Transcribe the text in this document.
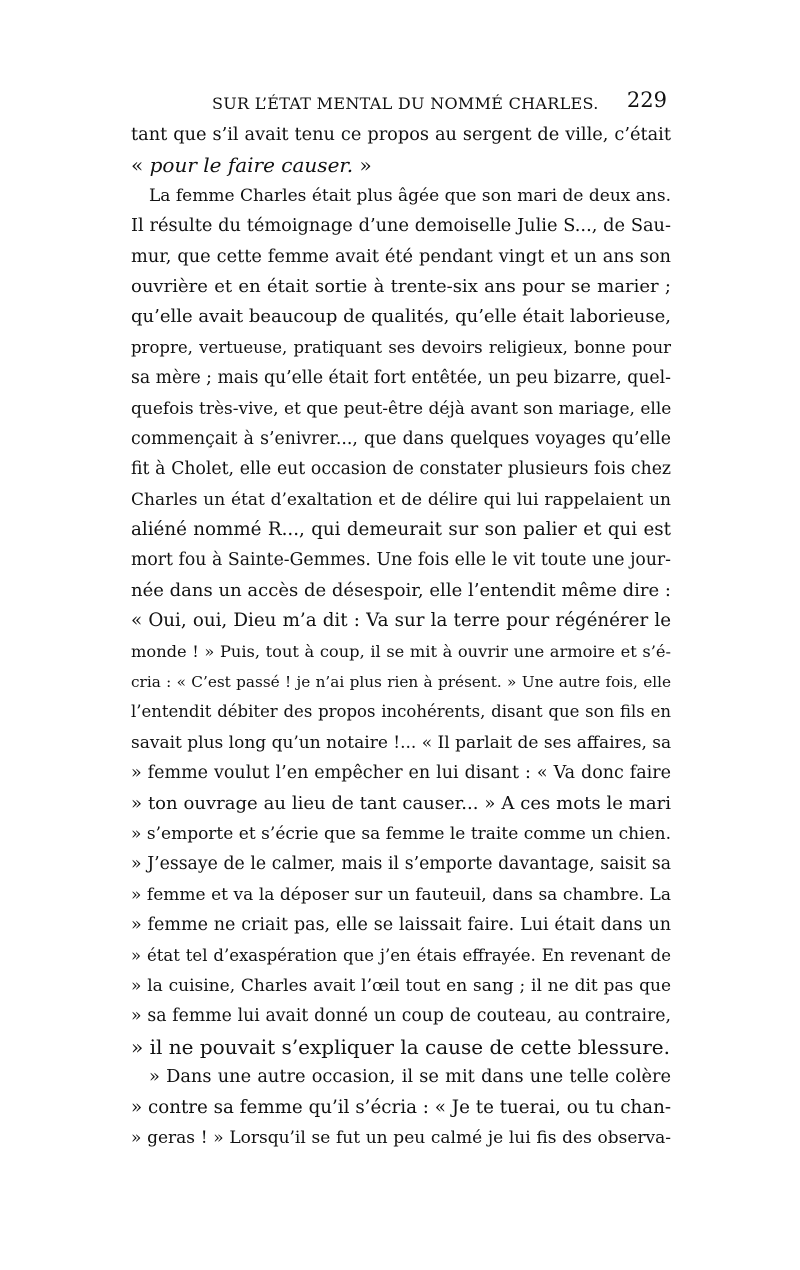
SUR L’ÉTAT MENTAL DU NOMMÉ CHARLES. 229
tant que s’il avait tenu ce propos au sergent de ville, c’était
« pour le faire causer. »
La femme Charles était plus âgée que son mari de deux ans.
Il résulte du témoignage d’une demoiselle Julie S..., de Sau-
mur, que cette femme avait été pendant vingt et un ans son
ouvrière et en était sortie à trente-six ans pour se marier ;
qu’elle avait beaucoup de qualités, qu’elle était laborieuse,
propre, vertueuse, pratiquant ses devoirs religieux, bonne pour
sa mère ; mais qu’elle était fort entêtée, un peu bizarre, quel-
quefois très-vive, et que peut-être déjà avant son mariage, elle
commençait à s’enivrer..., que dans quelques voyages qu’elle
fit à Cholet, elle eut occasion de constater plusieurs fois chez
Charles un état d’exaltation et de délire qui lui rappelaient un
aliéné nommé R..., qui demeurait sur son palier et qui est
mort fou à Sainte-Gemmes. Une fois elle le vit toute une jour-
née dans un accès de désespoir, elle l’entendit même dire :
« Oui, oui, Dieu m’a dit : Va sur la terre pour régénérer le
monde ! » Puis, tout à coup, il se mit à ouvrir une armoire et s’é-
cria : « C’est passé ! je n’ai plus rien à présent. » Une autre fois, elle
l’entendit débiter des propos incohérents, disant que son fils en
savait plus long qu’un notaire !... « Il parlait de ses affaires, sa
» femme voulut l’en empêcher en lui disant : « Va donc faire
» ton ouvrage au lieu de tant causer... » A ces mots le mari
» s’emporte et s’écrie que sa femme le traite comme un chien.
» J’essaye de le calmer, mais il s’emporte davantage, saisit sa
» femme et va la déposer sur un fauteuil, dans sa chambre. La
» femme ne criait pas, elle se laissait faire. Lui était dans un
» état tel d’exaspération que j’en étais effrayée. En revenant de
» la cuisine, Charles avait l’œil tout en sang ; il ne dit pas que
» sa femme lui avait donné un coup de couteau, au contraire,
» il ne pouvait s’expliquer la cause de cette blessure.
» Dans une autre occasion, il se mit dans une telle colère
» contre sa femme qu’il s’écria : « Je te tuerai, ou tu chan-
» geras ! » Lorsqu’il se fut un peu calmé je lui fis des observa-
